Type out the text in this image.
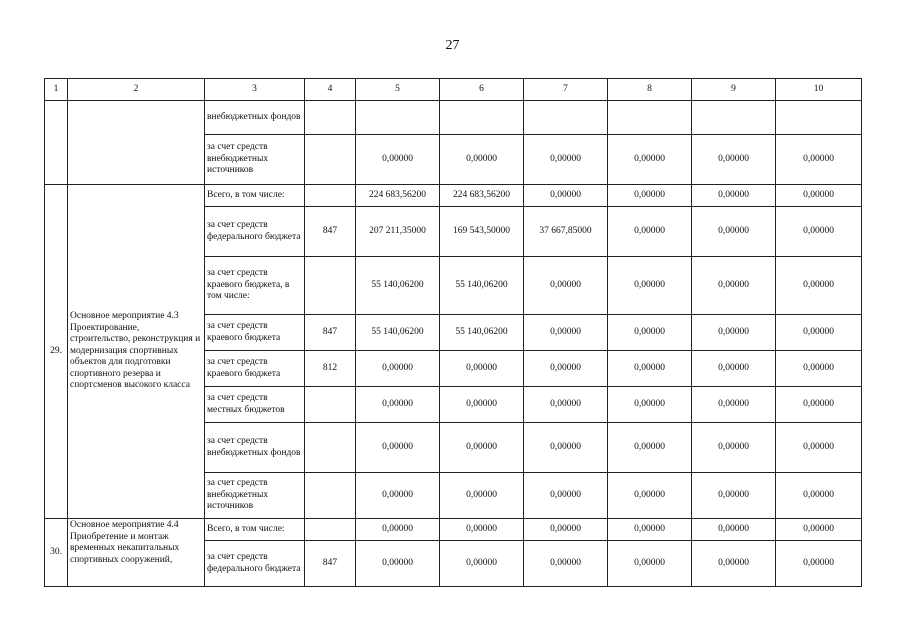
27
1	2	3	4	5	6	7	8	9	10
		внебюджетных фондов							
		за счет средств внебюджетных источников		0,00000	0,00000	0,00000	0,00000	0,00000	0,00000
29.	Основное мероприятие 4.3 Проектирование, строительство, реконструкция и модернизация спортивных объектов для подготовки спортивного резерва и спортсменов высокого класса	Всего, в том числе:		224 683,56200	224 683,56200	0,00000	0,00000	0,00000	0,00000
		за счет средств федерального бюджета	847	207 211,35000	169 543,50000	37 667,85000	0,00000	0,00000	0,00000
		за счет средств краевого бюджета, в том числе:		55 140,06200	55 140,06200	0,00000	0,00000	0,00000	0,00000
		за счет средств краевого бюджета	847	55 140,06200	55 140,06200	0,00000	0,00000	0,00000	0,00000
		за счет средств краевого бюджета	812	0,00000	0,00000	0,00000	0,00000	0,00000	0,00000
		за счет средств местных бюджетов		0,00000	0,00000	0,00000	0,00000	0,00000	0,00000
		за счет средств внебюджетных фондов		0,00000	0,00000	0,00000	0,00000	0,00000	0,00000
		за счет средств внебюджетных источников		0,00000	0,00000	0,00000	0,00000	0,00000	0,00000
30.	Основное мероприятие 4.4 Приобретение и монтаж временных некапитальных спортивных сооружений,	Всего, в том числе:		0,00000	0,00000	0,00000	0,00000	0,00000	0,00000
		за счет средств федерального бюджета	847	0,00000	0,00000	0,00000	0,00000	0,00000	0,00000
